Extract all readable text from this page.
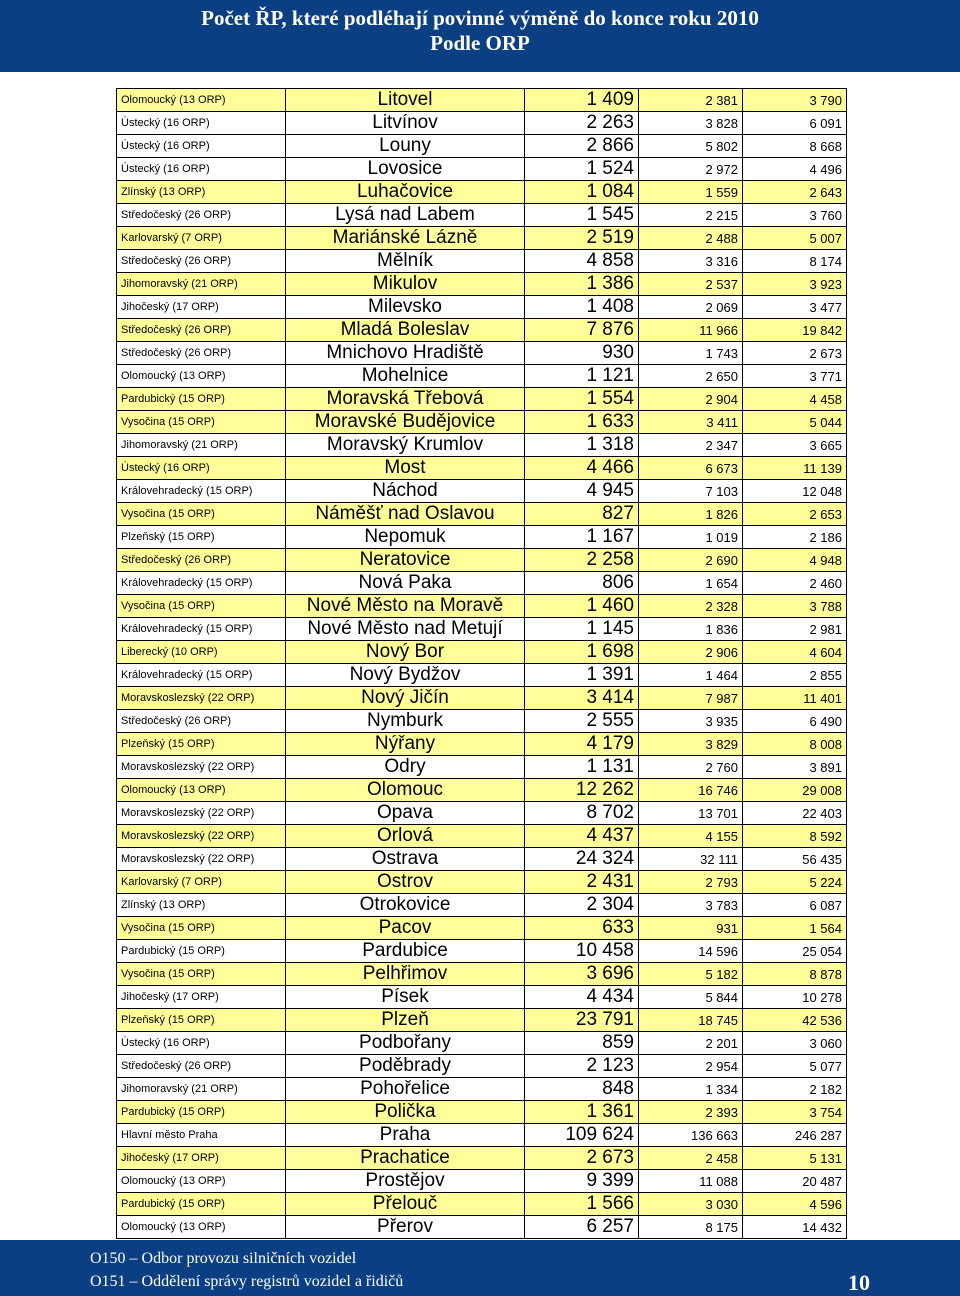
Počet ŘP, které podléhají povinné výměně do konce roku 2010
Podle ORP
Olomoucký (13 ORP)	Litovel	1 409	2 381	3 790
Ústecký (16 ORP)	Litvínov	2 263	3 828	6 091
Ústecký (16 ORP)	Louny	2 866	5 802	8 668
Ústecký (16 ORP)	Lovosice	1 524	2 972	4 496
Zlínský (13 ORP)	Luhačovice	1 084	1 559	2 643
Středočeský (26 ORP)	Lysá nad Labem	1 545	2 215	3 760
Karlovarský (7 ORP)	Mariánské Lázně	2 519	2 488	5 007
Středočeský (26 ORP)	Mělník	4 858	3 316	8 174
Jihomoravský (21 ORP)	Mikulov	1 386	2 537	3 923
Jihočeský (17 ORP)	Milevsko	1 408	2 069	3 477
Středočeský (26 ORP)	Mladá Boleslav	7 876	11 966	19 842
Středočeský (26 ORP)	Mnichovo Hradiště	930	1 743	2 673
Olomoucký (13 ORP)	Mohelnice	1 121	2 650	3 771
Pardubický (15 ORP)	Moravská Třebová	1 554	2 904	4 458
Vysočina (15 ORP)	Moravské Budějovice	1 633	3 411	5 044
Jihomoravský (21 ORP)	Moravský Krumlov	1 318	2 347	3 665
Ústecký (16 ORP)	Most	4 466	6 673	11 139
Královehradecký (15 ORP)	Náchod	4 945	7 103	12 048
Vysočina (15 ORP)	Náměšť nad Oslavou	827	1 826	2 653
Plzeňský (15 ORP)	Nepomuk	1 167	1 019	2 186
Středočeský (26 ORP)	Neratovice	2 258	2 690	4 948
Královehradecký (15 ORP)	Nová Paka	806	1 654	2 460
Vysočina (15 ORP)	Nové Město na Moravě	1 460	2 328	3 788
Královehradecký (15 ORP)	Nové Město nad Metují	1 145	1 836	2 981
Liberecký (10 ORP)	Nový Bor	1 698	2 906	4 604
Královehradecký (15 ORP)	Nový Bydžov	1 391	1 464	2 855
Moravskoslezský (22 ORP)	Nový Jičín	3 414	7 987	11 401
Středočeský (26 ORP)	Nymburk	2 555	3 935	6 490
Plzeňský (15 ORP)	Nýřany	4 179	3 829	8 008
Moravskoslezský (22 ORP)	Odry	1 131	2 760	3 891
Olomoucký (13 ORP)	Olomouc	12 262	16 746	29 008
Moravskoslezský (22 ORP)	Opava	8 702	13 701	22 403
Moravskoslezský (22 ORP)	Orlová	4 437	4 155	8 592
Moravskoslezský (22 ORP)	Ostrava	24 324	32 111	56 435
Karlovarský (7 ORP)	Ostrov	2 431	2 793	5 224
Zlínský (13 ORP)	Otrokovice	2 304	3 783	6 087
Vysočina (15 ORP)	Pacov	633	931	1 564
Pardubický (15 ORP)	Pardubice	10 458	14 596	25 054
Vysočina (15 ORP)	Pelhřimov	3 696	5 182	8 878
Jihočeský (17 ORP)	Písek	4 434	5 844	10 278
Plzeňský (15 ORP)	Plzeň	23 791	18 745	42 536
Ústecký (16 ORP)	Podbořany	859	2 201	3 060
Středočeský (26 ORP)	Poděbrady	2 123	2 954	5 077
Jihomoravský (21 ORP)	Pohořelice	848	1 334	2 182
Pardubický (15 ORP)	Polička	1 361	2 393	3 754
Hlavní město Praha	Praha	109 624	136 663	246 287
Jihočeský (17 ORP)	Prachatice	2 673	2 458	5 131
Olomoucký (13 ORP)	Prostějov	9 399	11 088	20 487
Pardubický (15 ORP)	Přelouč	1 566	3 030	4 596
Olomoucký (13 ORP)	Přerov	6 257	8 175	14 432
O150 – Odbor provozu silničních vozidel
O151 – Oddělení správy registrů vozidel a řidičů	10
